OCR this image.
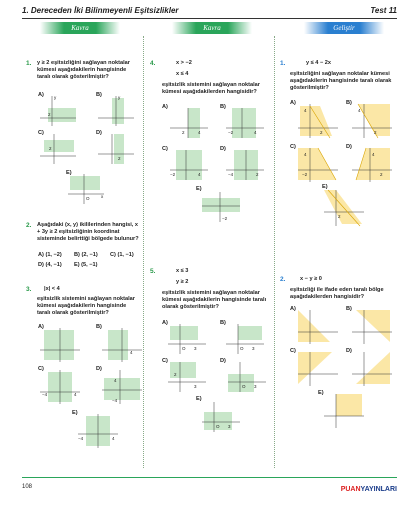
1. Dereceden İki Bilinmeyenli Eşitsizlikler	Test 11
Kavra	Kavra	Geliştir
1. y ≥ 2 eşitsizliğini sağlayan noktalar kümesi aşağıdakilerin hangisinde taralı olarak gösterilmiştir?
A) y
2
B)	y
C)
2
D)
2
E)
O	x
2. Aşağıdaki (x, y) ikililerinden hangisi, x + 3y ≥ 2 eşitsizliğinin koordinat sisteminde belirttiği bölgede bulunur?
A) (1, −2) B) (2, −1) C) (1, −1)
D) (4, −1) E) (5, −1)
3. |x| < 4
eşitsizlik sistemini sağlayan noktalar kümesi aşağıdakilerin hangisinde taralı olarak gösterilmiştir?
A)	B)
4
C)
−4	4
D)
4
−4
E)
−4	4
4.	x > −2
x ≤ 4
eşitsizlik sistemini sağlayan noktalar kümesi aşağıdakilerden hangisidir?
A)
2	4
B)
−2	4
C)
−2	4
D)
−4	2
E)
−2
5.	x ≤ 3
y ≥ 2
eşitsizlik sistemini sağlayan noktalar kümesi aşağıdakilerin hangisinde taralı olarak gösterilmiştir?
A)
O 3
B)
O 3
C)
2
3
D)
O 3
E)
O 3
1.	y ≤ 4 − 2x
eşitsizliğini sağlayan noktalar kümesi aşağıdakilerin hangisinde taralı olarak gösterilmiştir?
A)
4
2
B)
4
2
C)
−2
4
D)
4
2
E)
2
2.	x − y ≥ 0
eşitsizliği ile ifade eden taralı bölge aşağıdakilerden hangisidir?
A)	B)
C)	D)
E)
108	PUANYAYINLARI
